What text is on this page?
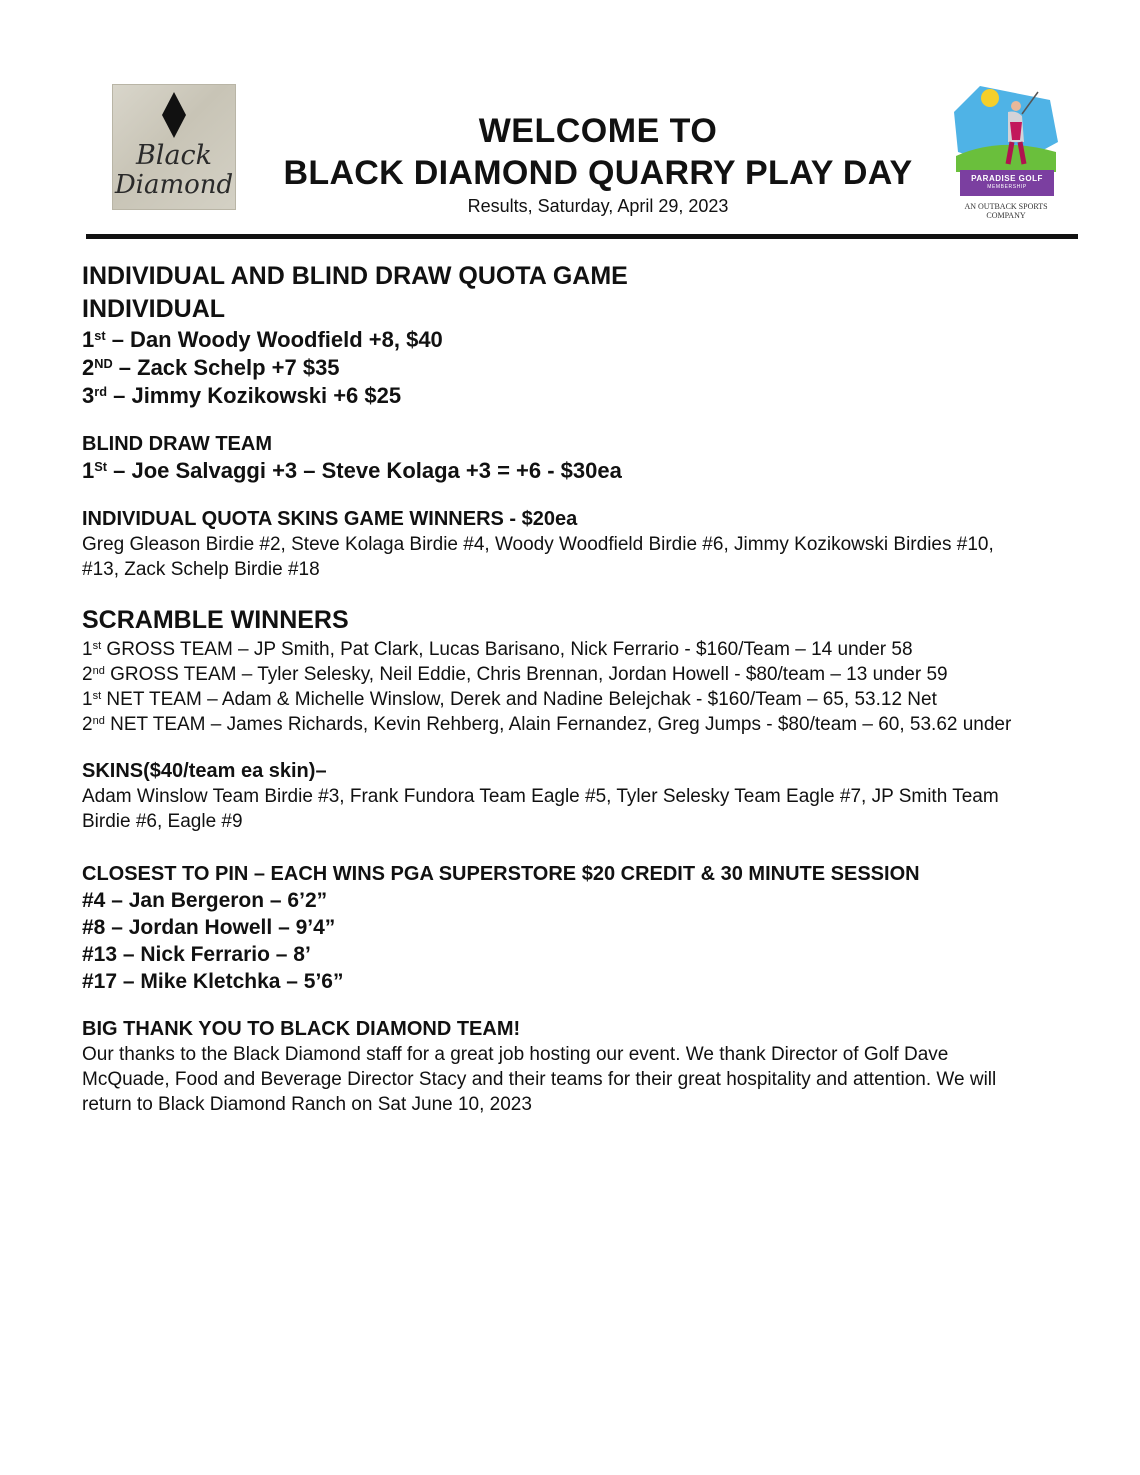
Black
Diamond
WELCOME TO
BLACK DIAMOND QUARRY PLAY DAY
Results, Saturday, April 29, 2023
PARADISE GOLF
MEMBERSHIP
AN OUTBACK SPORTS COMPANY

INDIVIDUAL AND BLIND DRAW QUOTA GAME

INDIVIDUAL

1st – Dan Woody Woodfield +8, $40

2ND – Zack Schelp +7 $35

3rd – Jimmy Kozikowski +6 $25

BLIND DRAW TEAM

1St – Joe Salvaggi +3 – Steve Kolaga +3 = +6 - $30ea

INDIVIDUAL QUOTA SKINS GAME WINNERS - $20ea

Greg Gleason Birdie #2, Steve Kolaga Birdie #4, Woody Woodfield Birdie #6, Jimmy Kozikowski Birdies #10,

#13, Zack Schelp Birdie #18

SCRAMBLE WINNERS

1st GROSS TEAM – JP Smith, Pat Clark, Lucas Barisano, Nick Ferrario - $160/Team – 14 under 58

2nd GROSS TEAM – Tyler Selesky, Neil Eddie, Chris Brennan, Jordan Howell - $80/team – 13 under 59

1st NET TEAM – Adam & Michelle Winslow, Derek and Nadine Belejchak - $160/Team – 65, 53.12 Net

2nd NET TEAM – James Richards, Kevin Rehberg, Alain Fernandez, Greg Jumps - $80/team – 60, 53.62 under

SKINS($40/team ea skin)–

Adam Winslow Team Birdie #3, Frank Fundora Team Eagle #5, Tyler Selesky Team Eagle #7, JP Smith Team

Birdie #6, Eagle #9

CLOSEST TO PIN – EACH WINS PGA SUPERSTORE $20 CREDIT & 30 MINUTE SESSION

#4 – Jan Bergeron – 6’2”

#8 – Jordan Howell – 9’4”

#13 – Nick Ferrario – 8’

#17 – Mike Kletchka – 5’6”

BIG THANK YOU TO BLACK DIAMOND TEAM!

Our thanks to the Black Diamond staff for a great job hosting our event. We thank Director of Golf Dave

McQuade, Food and Beverage Director Stacy and their teams for their great hospitality and attention. We will

return to Black Diamond Ranch on Sat June 10, 2023
